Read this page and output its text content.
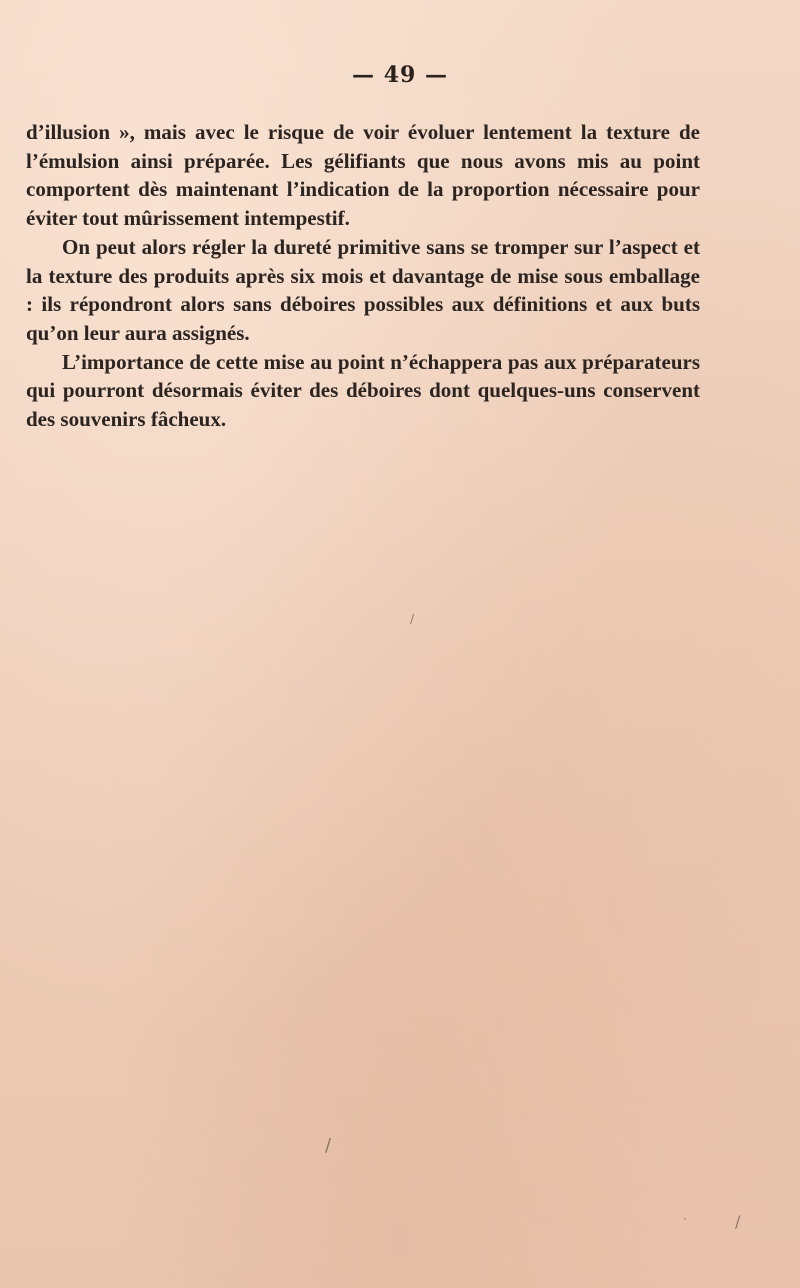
— 49 —

d’illusion », mais avec le risque de voir évoluer lentement la texture de l’émulsion ainsi préparée. Les gélifiants que nous avons mis au point comportent dès maintenant l’indication de la proportion nécessaire pour éviter tout mûrissement intempestif.

On peut alors régler la dureté primitive sans se tromper sur l’aspect et la texture des produits après six mois et davantage de mise sous emballage : ils répondront alors sans déboires possibles aux définitions et aux buts qu’on leur aura assignés.

L’importance de cette mise au point n’échappera pas aux préparateurs qui pourront désormais éviter des déboires dont quelques-uns conservent des souvenirs fâcheux.

/
/
/
·
